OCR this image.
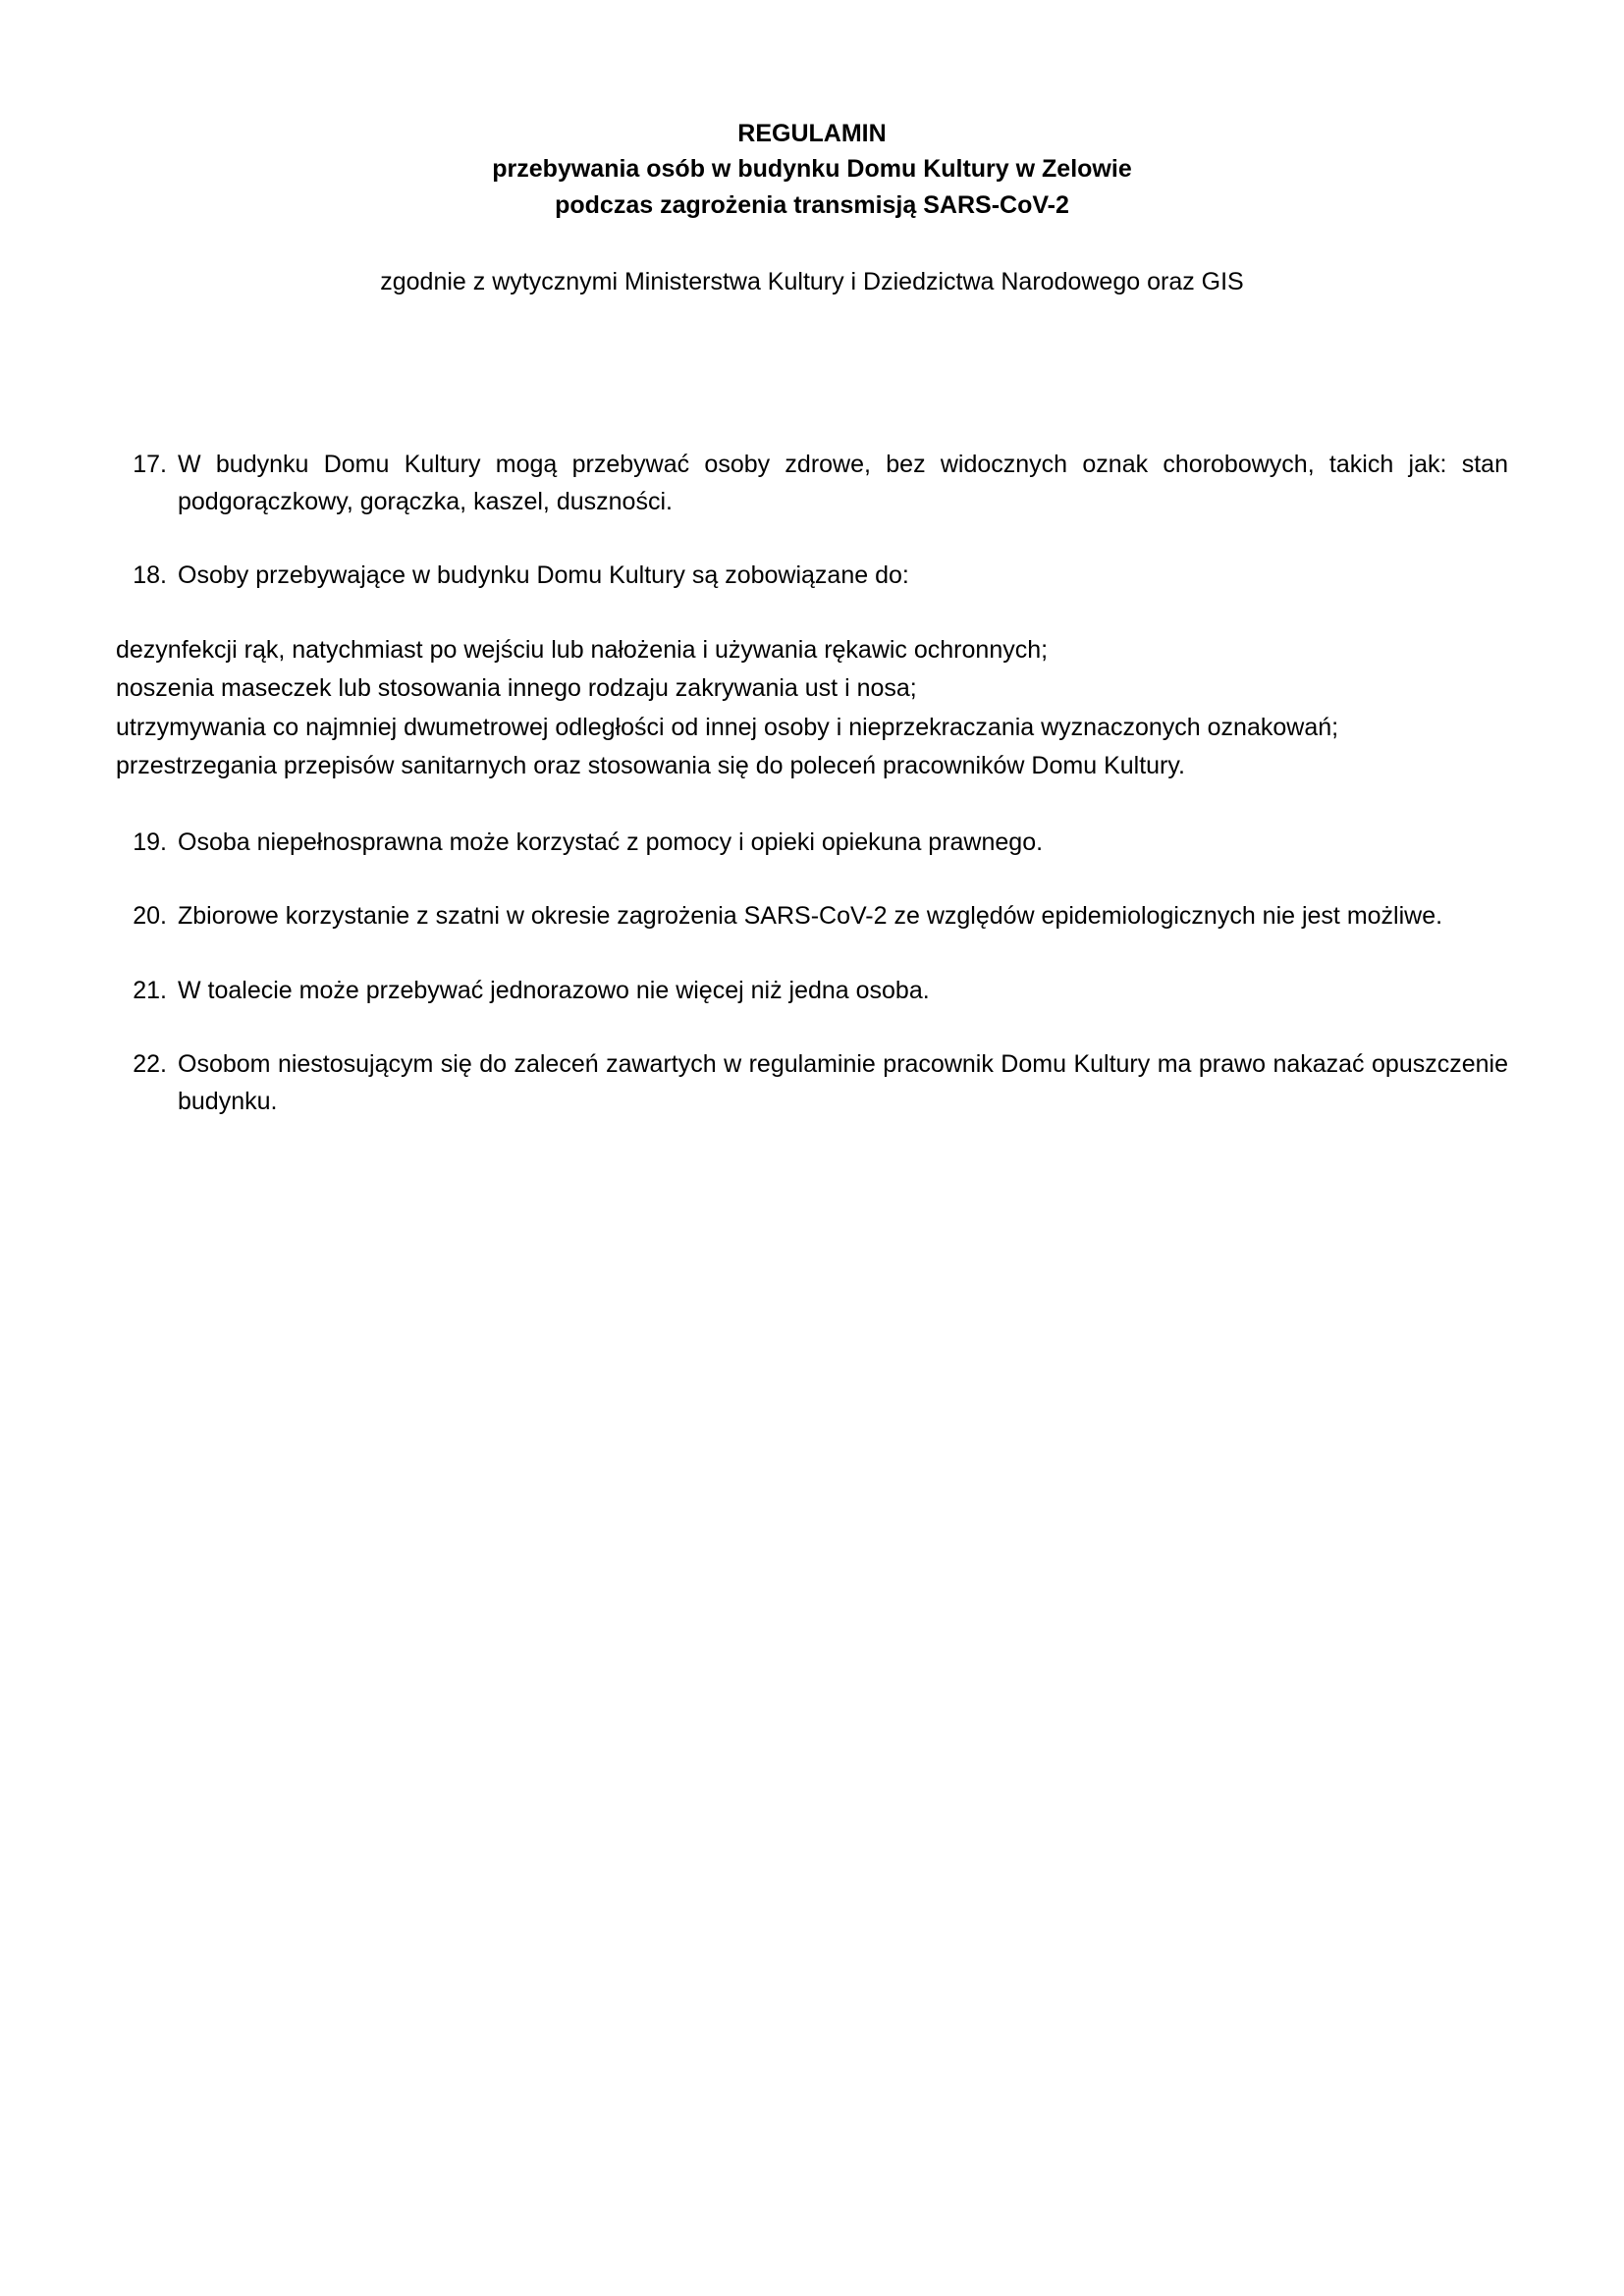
REGULAMIN
przebywania osób w budynku Domu Kultury w Zelowie
podczas zagrożenia transmisją SARS-CoV-2
zgodnie z wytycznymi Ministerstwa Kultury i Dziedzictwa Narodowego oraz GIS
17. W budynku Domu Kultury mogą przebywać osoby zdrowe, bez widocznych oznak chorobowych, takich jak: stan podgorączkowy, gorączka, kaszel, duszności.
18. Osoby przebywające w budynku Domu Kultury są zobowiązane do:
dezynfekcji rąk, natychmiast po wejściu lub nałożenia i używania rękawic ochronnych;
noszenia maseczek lub stosowania innego rodzaju zakrywania ust i nosa;
utrzymywania co najmniej dwumetrowej odległości od innej osoby i nieprzekraczania wyznaczonych oznakowań;
przestrzegania przepisów sanitarnych oraz stosowania się do poleceń pracowników Domu Kultury.
19. Osoba niepełnosprawna może korzystać z pomocy i opieki opiekuna prawnego.
20. Zbiorowe korzystanie z szatni w okresie zagrożenia SARS-CoV-2 ze względów epidemiologicznych nie jest możliwe.
21. W toalecie może przebywać jednorazowo nie więcej niż jedna osoba.
22. Osobom niestosującym się do zaleceń zawartych w regulaminie pracownik Domu Kultury ma prawo nakazać opuszczenie budynku.
